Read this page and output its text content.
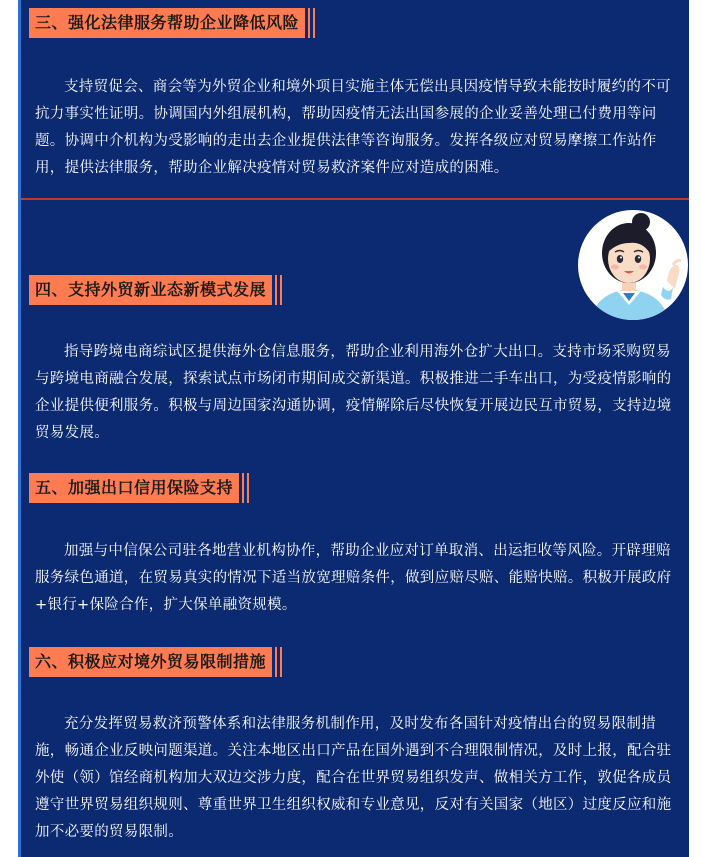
三、强化法律服务帮助企业降低风险

支持贸促会、商会等为外贸企业和境外项目实施主体无偿出具因疫情导致未能按时履约的不可抗力事实性证明。协调国内外组展机构，帮助因疫情无法出国参展的企业妥善处理已付费用等问题。协调中介机构为受影响的走出去企业提供法律等咨询服务。发挥各级应对贸易摩擦工作站作用，提供法律服务，帮助企业解决疫情对贸易救济案件应对造成的困难。

四、支持外贸新业态新模式发展

指导跨境电商综试区提供海外仓信息服务，帮助企业利用海外仓扩大出口。支持市场采购贸易与跨境电商融合发展，探索试点市场闭市期间成交新渠道。积极推进二手车出口，为受疫情影响的企业提供便利服务。积极与周边国家沟通协调，疫情解除后尽快恢复开展边民互市贸易，支持边境贸易发展。

五、加强出口信用保险支持

加强与中信保公司驻各地营业机构协作，帮助企业应对订单取消、出运拒收等风险。开辟理赔服务绿色通道，在贸易真实的情况下适当放宽理赔条件，做到应赔尽赔、能赔快赔。积极开展政府+银行+保险合作，扩大保单融资规模。

六、积极应对境外贸易限制措施

充分发挥贸易救济预警体系和法律服务机制作用，及时发布各国针对疫情出台的贸易限制措施，畅通企业反映问题渠道。关注本地区出口产品在国外遇到不合理限制情况，及时上报，配合驻外使（领）馆经商机构加大双边交涉力度，配合在世界贸易组织发声、做相关方工作，敦促各成员遵守世界贸易组织规则、尊重世界卫生组织权威和专业意见，反对有关国家（地区）过度反应和施加不必要的贸易限制。
